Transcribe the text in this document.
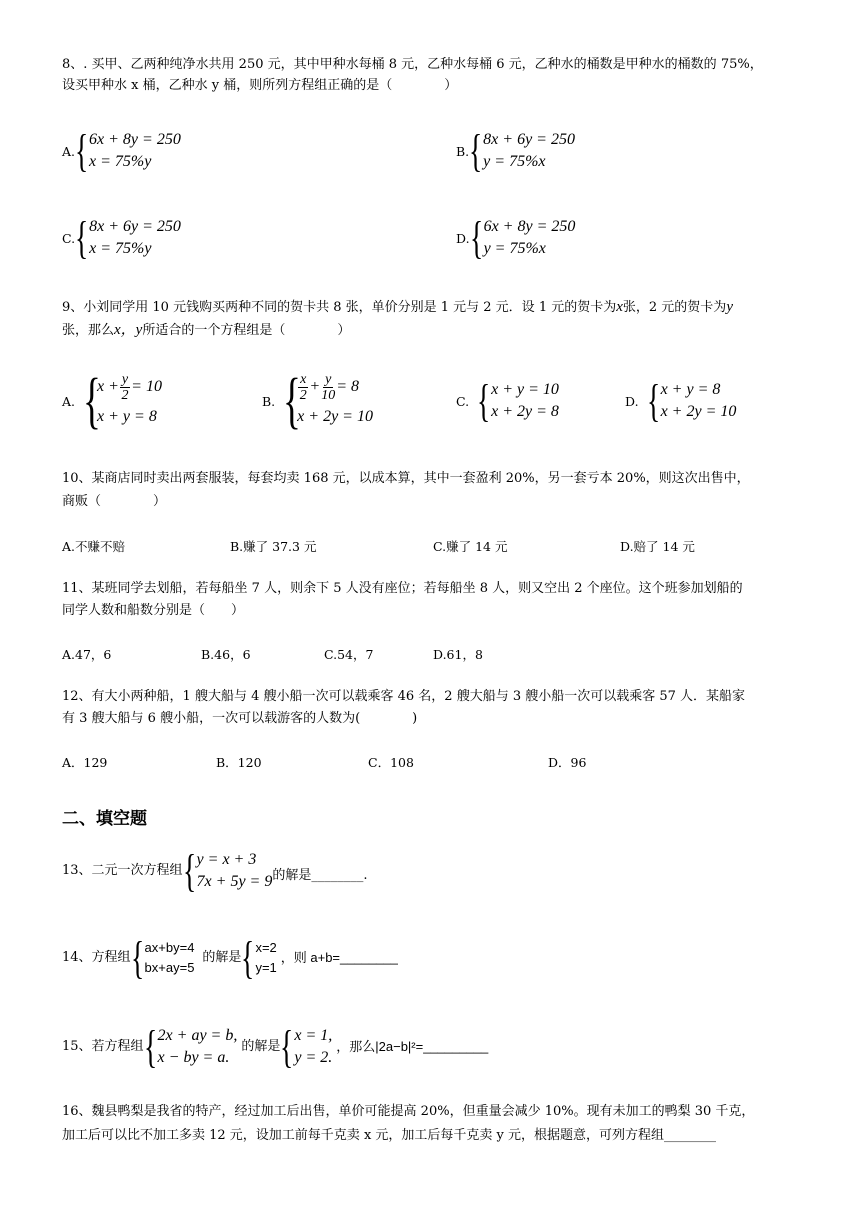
8、. 买甲、乙两种纯净水共用 250 元，其中甲种水每桶 8 元，乙种水每桶 6 元，乙种水的桶数是甲种水的桶数的 75%，
设买甲种水 x 桶，乙种水 y 桶，则所列方程组正确的是（　　　　）
A. { 6x + 8y = 250
x = 75%y
B. { 8x + 6y = 250
y = 75%x
C. { 8x + 6y = 250
x = 75%y
D. { 6x + 8y = 250
y = 75%x
9、小刘同学用 10 元钱购买两种不同的贺卡共 8 张，单价分别是 1 元与 2 元．设 1 元的贺卡为x张，2 元的贺卡为y
张，那么x，y所适合的一个方程组是（　　　　）
A. {
$x + \frac{y}{2} = 10$
x + y = 8
B. {
$\frac{x}{2} + \frac{y}{10} = 8$
x + 2y = 10
C. { x + y = 10
x + 2y = 8
D. { x + y = 8
x + 2y = 10
10、某商店同时卖出两套服装，每套均卖 168 元，以成本算，其中一套盈利 20%，另一套亏本 20%，则这次出售中，
商贩（　　　　）
A.不赚不赔	B.赚了 37.3 元	C.赚了 14 元	D.赔了 14 元
11、某班同学去划船，若每船坐 7 人，则余下 5 人没有座位；若每船坐 8 人，则又空出 2 个座位。这个班参加划船的
同学人数和船数分别是（　　）
A.47，6	B.46，6	C.54，7	D.61，8
12、有大小两种船，1 艘大船与 4 艘小船一次可以载乘客 46 名，2 艘大船与 3 艘小船一次可以载乘客 57 人．某船家
有 3 艘大船与 6 艘小船，一次可以载游客的人数为(　　　　)
A．129	B．120	C．108	D．96
二、填空题
13、二元一次方程组 { y = x + 3
7x + 5y = 9 的解是________.
14、方程组 { ax+by=4
bx+ay=5
的解是 { x=2
y=1
，则 a+b=________
15、若方程组 { 2x + ay = b,
x − by = a.
的解是 { x = 1,
y = 2.
，那么|2a−b|²=_________
16、魏县鸭梨是我省的特产，经过加工后出售，单价可能提高 20%，但重量会减少 10%。现有未加工的鸭梨 30 千克，
加工后可以比不加工多卖 12 元，设加工前每千克卖 x 元，加工后每千克卖 y 元，根据题意，可列方程组________
